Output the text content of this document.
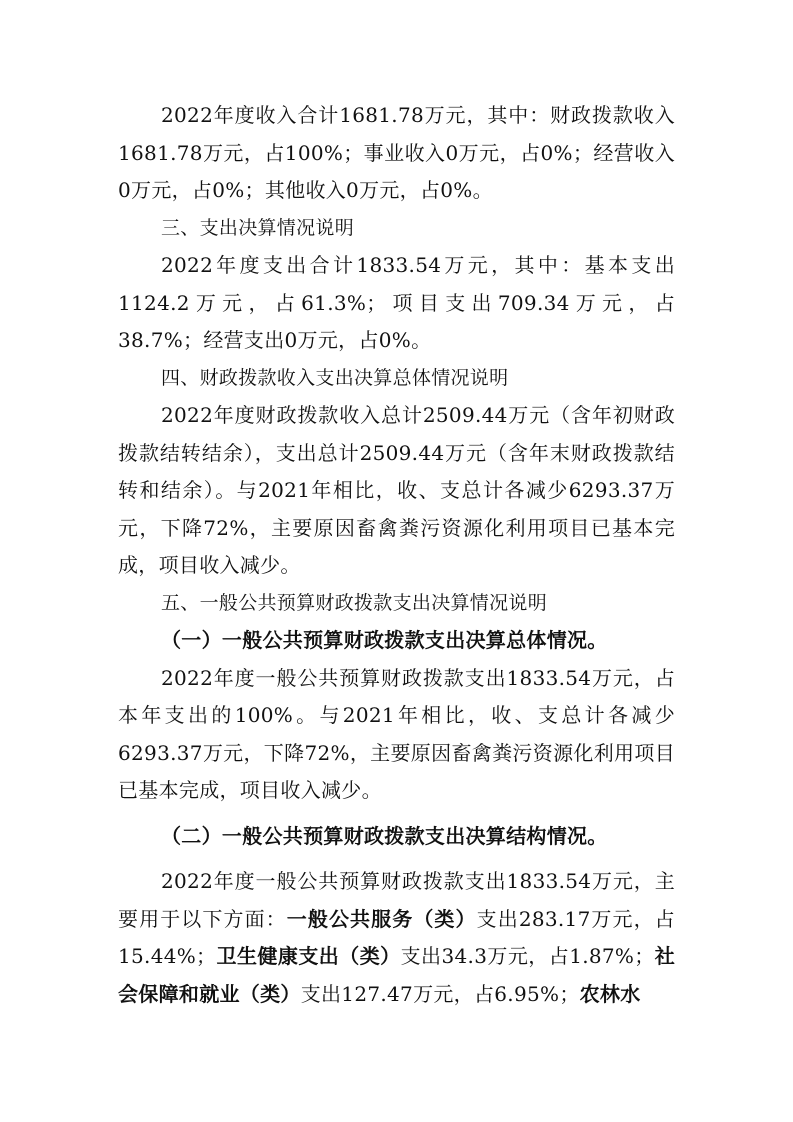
2022年度收入合计1681.78万元，其中：财政拨款收入1681.78万元，占100%；事业收入0万元，占0%；经营收入0万元，占0%；其他收入0万元，占0%。

三、支出决算情况说明

2022年度支出合计1833.54万元，其中：基本支出1124.2万元，占61.3%；项目支出709.34万元，占38.7%；经营支出0万元，占0%。

四、财政拨款收入支出决算总体情况说明

2022年度财政拨款收入总计2509.44万元（含年初财政拨款结转结余），支出总计2509.44万元（含年末财政拨款结转和结余）。与2021年相比，收、支总计各减少6293.37万元，下降72%，主要原因畜禽粪污资源化利用项目已基本完成，项目收入减少。

五、一般公共预算财政拨款支出决算情况说明

（一）一般公共预算财政拨款支出决算总体情况。

2022年度一般公共预算财政拨款支出1833.54万元，占本年支出的100%。与2021年相比，收、支总计各减少6293.37万元，下降72%，主要原因畜禽粪污资源化利用项目已基本完成，项目收入减少。

（二）一般公共预算财政拨款支出决算结构情况。

2022年度一般公共预算财政拨款支出1833.54万元，主要用于以下方面：一般公共服务（类）支出283.17万元，占15.44%；卫生健康支出（类）支出34.3万元，占1.87%；社会保障和就业（类）支出127.47万元，占6.95%；农林水
